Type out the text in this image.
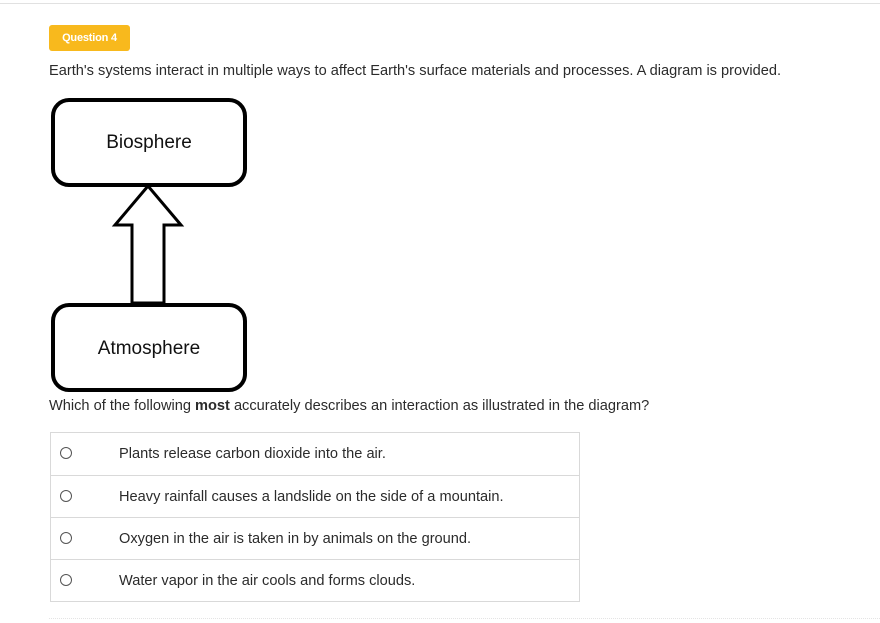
Question 4
Earth's systems interact in multiple ways to affect Earth's surface materials and processes. A diagram is provided.
Biosphere
Atmosphere
Which of the following most accurately describes an interaction as illustrated in the diagram?
Plants release carbon dioxide into the air.
Heavy rainfall causes a landslide on the side of a mountain.
Oxygen in the air is taken in by animals on the ground.
Water vapor in the air cools and forms clouds.
